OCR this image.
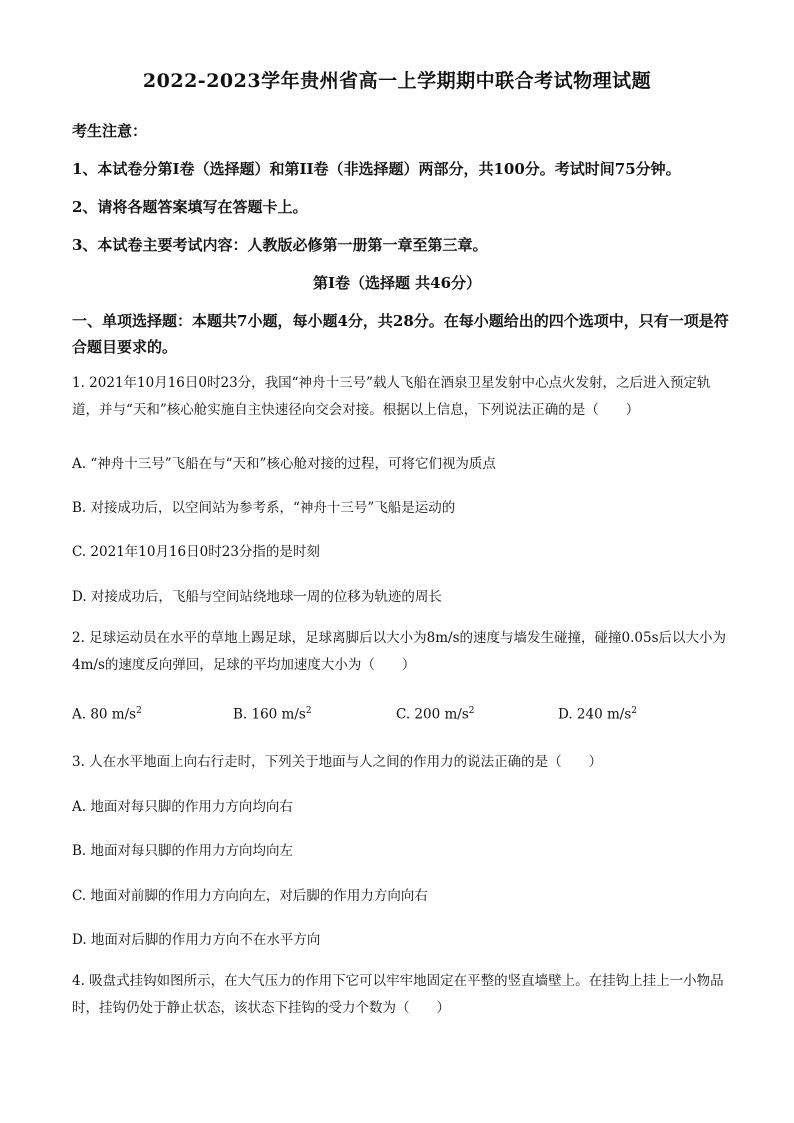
2022-2023学年贵州省高一上学期期中联合考试物理试题
考生注意：
1、本试卷分第I卷（选择题）和第II卷（非选择题）两部分，共100分。考试时间75分钟。
2、请将各题答案填写在答题卡上。
3、本试卷主要考试内容：人教版必修第一册第一章至第三章。
第I卷（选择题 共46分）
一、单项选择题：本题共7小题，每小题4分，共28分。在每小题给出的四个选项中，只有一项是符合题目要求的。
1. 2021年10月16日0时23分，我国“神舟十三号”载人飞船在酒泉卫星发射中心点火发射，之后进入预定轨道，并与“天和”核心舱实施自主快速径向交会对接。根据以上信息，下列说法正确的是（　　）
A. “神舟十三号”飞船在与“天和”核心舱对接的过程，可将它们视为质点
B. 对接成功后，以空间站为参考系，“神舟十三号”飞船是运动的
C. 2021年10月16日0时23分指的是时刻
D. 对接成功后，飞船与空间站绕地球一周的位移为轨迹的周长
2. 足球运动员在水平的草地上踢足球，足球离脚后以大小为8m/s的速度与墙发生碰撞，碰撞0.05s后以大小为4m/s的速度反向弹回，足球的平均加速度大小为（　　）
A. 80 $m/s^2$	B. 160 $m/s^2$	C. 200 $m/s^2$	D. 240 $m/s^2$
3. 人在水平地面上向右行走时，下列关于地面与人之间的作用力的说法正确的是（　　）
A. 地面对每只脚的作用力方向均向右
B. 地面对每只脚的作用力方向均向左
C. 地面对前脚的作用力方向向左，对后脚的作用力方向向右
D. 地面对后脚的作用力方向不在水平方向
4. 吸盘式挂钩如图所示，在大气压力的作用下它可以牢牢地固定在平整的竖直墙壁上。在挂钩上挂上一小物品时，挂钩仍处于静止状态，该状态下挂钩的受力个数为（　　）
